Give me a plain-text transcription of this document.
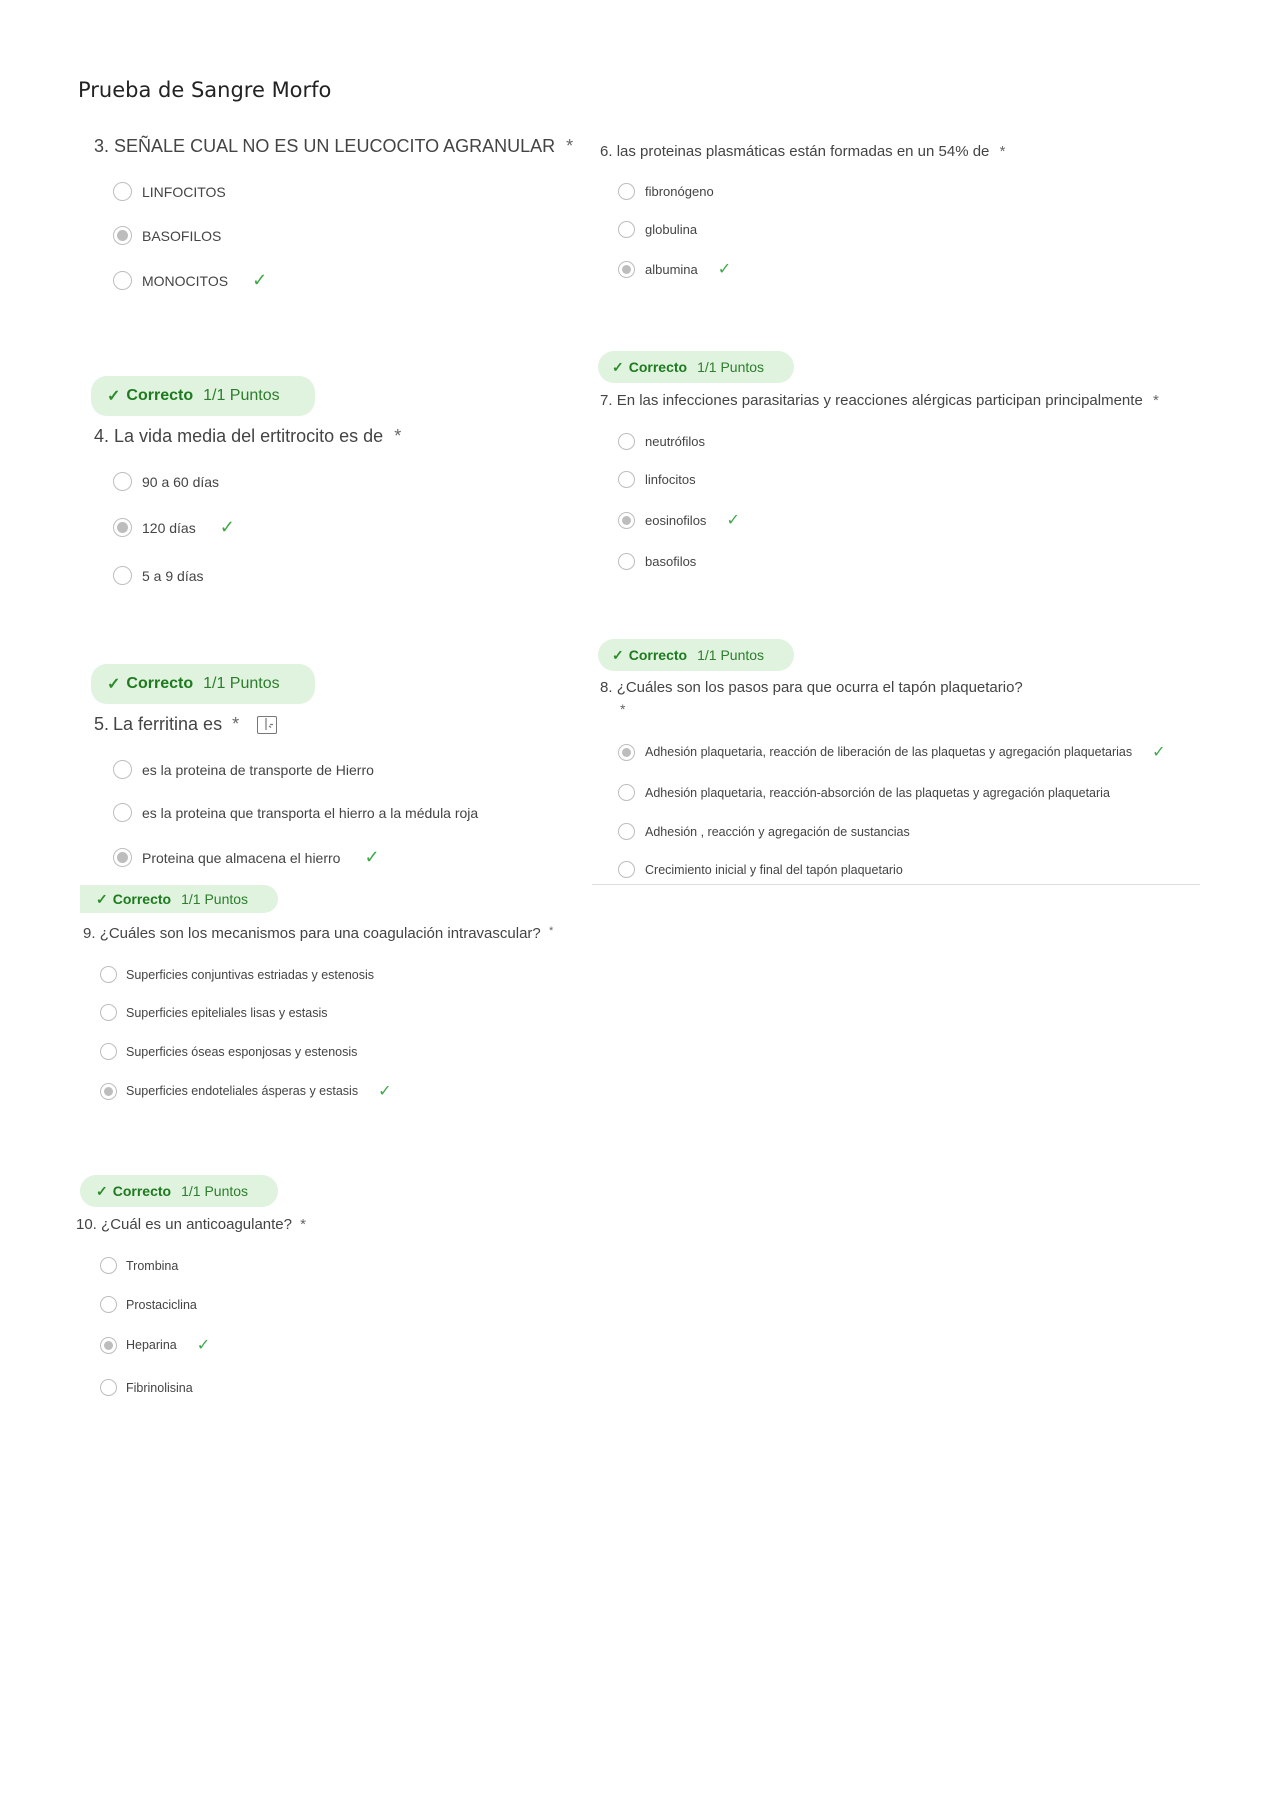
Prueba de Sangre Morfo
3. SEÑALE CUAL NO ES UN LEUCOCITO AGRANULAR *
LINFOCITOS
BASOFILOS
MONOCITOS ✓
✓ Correcto 1/1 Puntos
4. La vida media del ertitrocito es de *
90 a 60 días
120 días ✓
5 a 9 días
✓ Correcto 1/1 Puntos
5. La ferritina es *
es la proteina de transporte de Hierro
es la proteina que transporta el hierro a la médula roja
Proteina que almacena el hierro ✓
6. las proteinas plasmáticas están formadas en un 54% de *
fibronógeno
globulina
albumina ✓
✓ Correcto 1/1 Puntos
7. En las infecciones parasitarias y reacciones alérgicas participan principalmente *
neutrófilos
linfocitos
eosinofilos ✓
basofilos
✓ Correcto 1/1 Puntos
8. ¿Cuáles son los pasos para que ocurra el tapón plaquetario?
*
Adhesión plaquetaria, reacción de liberación de las plaquetas y agregación plaquetarias ✓
Adhesión plaquetaria, reacción-absorción de las plaquetas y agregación plaquetaria
Adhesión , reacción y agregación de sustancias
Crecimiento inicial y final del tapón plaquetario
✓ Correcto 1/1 Puntos
9. ¿Cuáles son los mecanismos para una coagulación intravascular? *
Superficies conjuntivas estriadas y estenosis
Superficies epiteliales lisas y estasis
Superficies óseas esponjosas y estenosis
Superficies endoteliales ásperas y estasis ✓
✓ Correcto 1/1 Puntos
10. ¿Cuál es un anticoagulante? *
Trombina
Prostaciclina
Heparina ✓
Fibrinolisina
